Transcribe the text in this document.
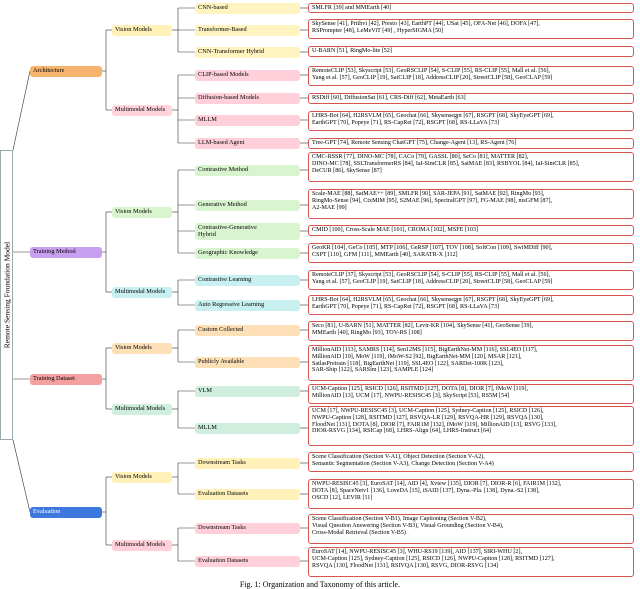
Remote Sensing Foundation Model
Architecture
Vision Models
CNN-based	SMLFR [39] and MMEarth [40]
Transformer-Based
SkySense [41], Prithvi [42], Presto [43], EarthPT [44], USat [45], OFA-Net [46], DOFA [47],
RSPrompter [48], LeMeViT [49] , HyperSIGMA [50]
CNN-Transformer Hybrid	U-BARN [51], RingMo-lite [52]
Multimodal Models
CLIP-based Models
RemoteCLIP [53], Skyscript [53], GeoRSCLIP [54], S-CLIP [55], RS-CLIP [55], Mall et al. [56],
Yang et al. [57], GeoCLIP [19], SatCLIP [18], AddressCLIP [20], StreetCLIP [58], GeoCLAP [59]
Diffusion-based Models	RSDiff [60], DiffusionSat [61], CRS-Diff [62], MetaEarth [63]
MLLM
LHRS-Bot [64], H2RSVLM [65], Geochat [66], Skysensegpt [67], RSGPT [68], SkyEyeGPT [69],
EarthGPT [70], Popeye [71], RS-CapRet [72], RSGPT [68], RS-LLaVA [73]
LLM-based Agent	Tree-GPT [74], Remote Sensing ChatGPT [75], Change-Agent [13], RS-Agent [76]
Training Method
Vision Models
Contrastive Method
CMC-RSSR [77], DINO-MC [78], CACo [79], GASSL [80], SeCo [81], MATTER [82],
DINO-MC [78], SSLTransformerRS [84], IaI-SimCLR [85], SatMAE [83], RSBYOL [84], IaI-SimCLR [85],
DeCUR [86], SkySense [87]
Generative Method
Scale-MAE [88], SatMAE++ [89], SMLFR [90], SAR-JEPA [91], SatMAE [92], RingMo [93],
RingMo-Sense [94], CtxMIM [95], S2MAE [96], SpectralGPT [97], FG-MAE [98], msGFM [87],
A2-MAE [99]
Contrastive-Generative
Hybrid
CMID [100], Cross-Scale MAE [101], CROMA [102], MSFE [103]
Geographic Knowledge
GeoKR [104], GeCo [105], MTP [106], GeRSP [107], TOV [108], SoftCon [109], SwiMDiff [90],
CSPT [110], GFM [111], MMEarth [40], SARATR-X [112]
Multimodal Models
Contrastive Learning
RemoteCLIP [37], Skyscript [53], GeoRSCLIP [54], S-CLIP [55], RS-CLIP [55], Mall et al. [56],
Yang et al. [57], GeoCLIP [19], SatCLIP [18], AddressCLIP [20], StreetCLIP [58], GeoCLAP [59]
Auto Regressive Learning
LHRS-Bot [64], H2RSVLM [65], Geochat [66], Skysensegpt [67], RSGPT [68], SkyEyeGPT [69],
EarthGPT [70], Popeye [71], RS-CapRet [72], RSGPT [68], RS-LLaVA [73]
Training Dataset
Vision Models
Custom Collected
Seco [81], U-BARN [51], MATTER [82], Levir-KR [104], SkySense [41], GeoSense [39],
MMEarth [40], RingMo [93], TOV-RS [108]
Publicly Available
MillionAID [113], SAMRS [114], Sen12MS [115], BigEarthNet-MM [116], SSL4EO [117],
MillionAID [19], MoW [119], fMoW-S2 [92], BigEarthNet-MM [120], MSAR [121],
SatlasPretrain [118], BigEarthNet [119], SSL4EO [122], SARDet-100K [123],
SAR-Ship [122], SARSim [123], SAMPLE [124]
Multimodal Models
VLM	UCM-Caption [125], RSICD [126], RSITMD [127], DOTA [8], DIOR [7], fMoW [119],
MillionAID [13], UCM [17], NWPU-RESISC45 [3], SkyScript [53], RS5M [54]
MLLM
UCM [17], NWPU-RESISC45 [3], UCM-Caption [125], Sydney-Caption [125], RSICD [126],
NWPU-Caption [128], RSITMD [127], RSVQA-LR [129], RSVQA-HR [129], RSVQA [130],
FloodNet [131], DOTA [8], DIOR [7], FAIR1M [132], fMoW [119], MillionAID [13], RSVG [133],
DIOR-RSVG [134], RSICap [68], LHRS-Align [64], LHRS-Instruct [64]
Evaluation
Vision Models
Downstream Tasks
Scene Classification (Section V-A1), Object Detection (Section V-A2),
Semantic Segmentation (Section V-A3), Change Detection (Section V-A4)
Evaluation Datasets
NWPU-RESISC45 [3], EuroSAT [14], AID [4], Xview [135], DIOR [7], DIOR-R [6], FAIR1M [132],
DOTA [8], SpaceNetv1 [136], LoveDA [15], iSAID [137], Dyna.-Pla. [138], Dyna.-S2 [138],
OSCD [12], LEVIR [11]
Multimodal Models
Downstream Tasks
Scene Classification (Section V-B1), Image Captioning (Section V-B2),
Visual Question Answering (Section V-B3), Visual Grounding (Section V-B4),
Cross-Modal Retrieval (Section V-B5)
Evaluation Datasets
EuroSAT [14], NWPU-RESISC45 [3], WHU-RS19 [139], AID [137], SIRI-WHU [2],
UCM-Caption [125], Sydney-Caption [125], RSICD [126], NWPU-Caption [128], RSITMD [127],
RSVQA [130], FloodNet [131], RSIVQA [130], RSVG, DIOR-RSVG [134]
Fig. 1: Organization and Taxonomy of this article.
